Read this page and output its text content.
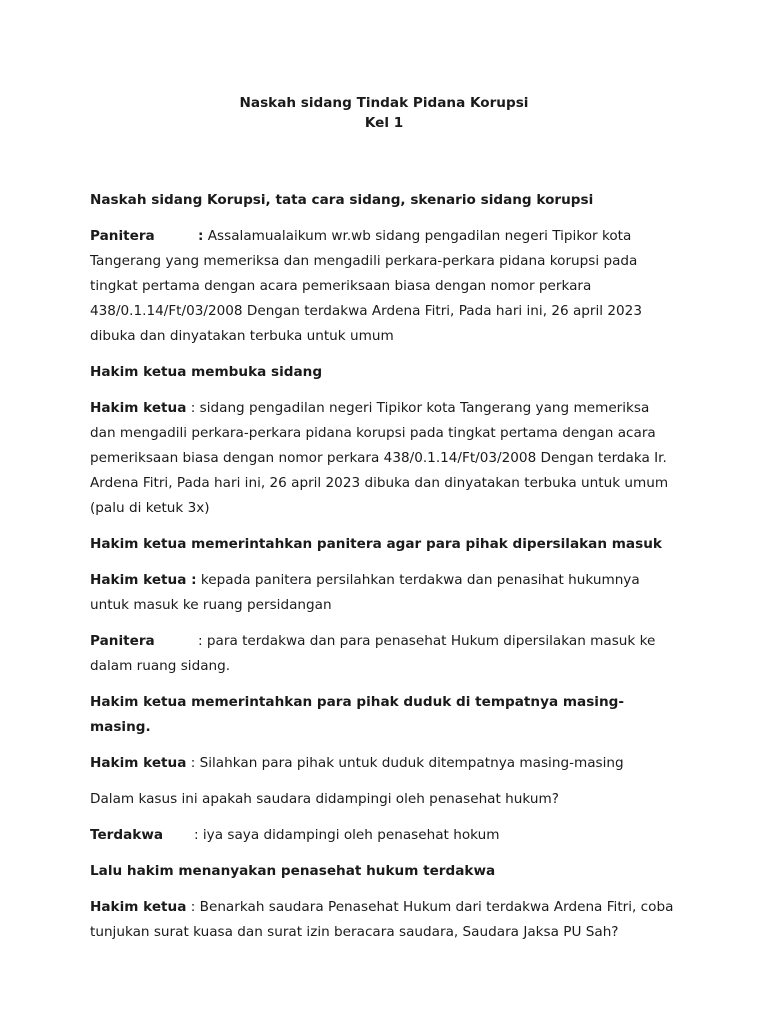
Naskah sidang Tindak Pidana Korupsi

Kel 1

Naskah sidang Korupsi, tata cara sidang, skenario sidang korupsi

Panitera	: Assalamualaikum wr.wb sidang pengadilan negeri Tipikor kota Tangerang yang memeriksa dan mengadili perkara-perkara pidana korupsi pada tingkat pertama dengan acara pemeriksaan biasa dengan nomor perkara 438/0.1.14/Ft/03/2008 Dengan terdakwa Ardena Fitri, Pada hari ini, 26 april 2023 dibuka dan dinyatakan terbuka untuk umum

Hakim ketua membuka sidang

Hakim ketua : sidang pengadilan negeri Tipikor kota Tangerang yang memeriksa dan mengadili perkara-perkara pidana korupsi pada tingkat pertama dengan acara pemeriksaan biasa dengan nomor perkara 438/0.1.14/Ft/03/2008 Dengan terdaka Ir. Ardena Fitri, Pada hari ini, 26 april 2023 dibuka dan dinyatakan terbuka untuk umum (palu di ketuk 3x)

Hakim ketua memerintahkan panitera agar para pihak dipersilakan masuk

Hakim ketua : kepada panitera persilahkan terdakwa dan penasihat hukumnya untuk masuk ke ruang persidangan

Panitera	: para terdakwa dan para penasehat Hukum dipersilakan masuk ke dalam ruang sidang.

Hakim ketua memerintahkan para pihak duduk di tempatnya masing-masing.

Hakim ketua : Silahkan para pihak untuk duduk ditempatnya masing-masing

Dalam kasus ini apakah saudara didampingi oleh penasehat hukum?

Terdakwa : iya saya didampingi oleh penasehat hokum

Lalu hakim menanyakan penasehat hukum terdakwa

Hakim ketua : Benarkah saudara Penasehat Hukum dari terdakwa Ardena Fitri, coba tunjukan surat kuasa dan surat izin beracara saudara, Saudara Jaksa PU Sah?
